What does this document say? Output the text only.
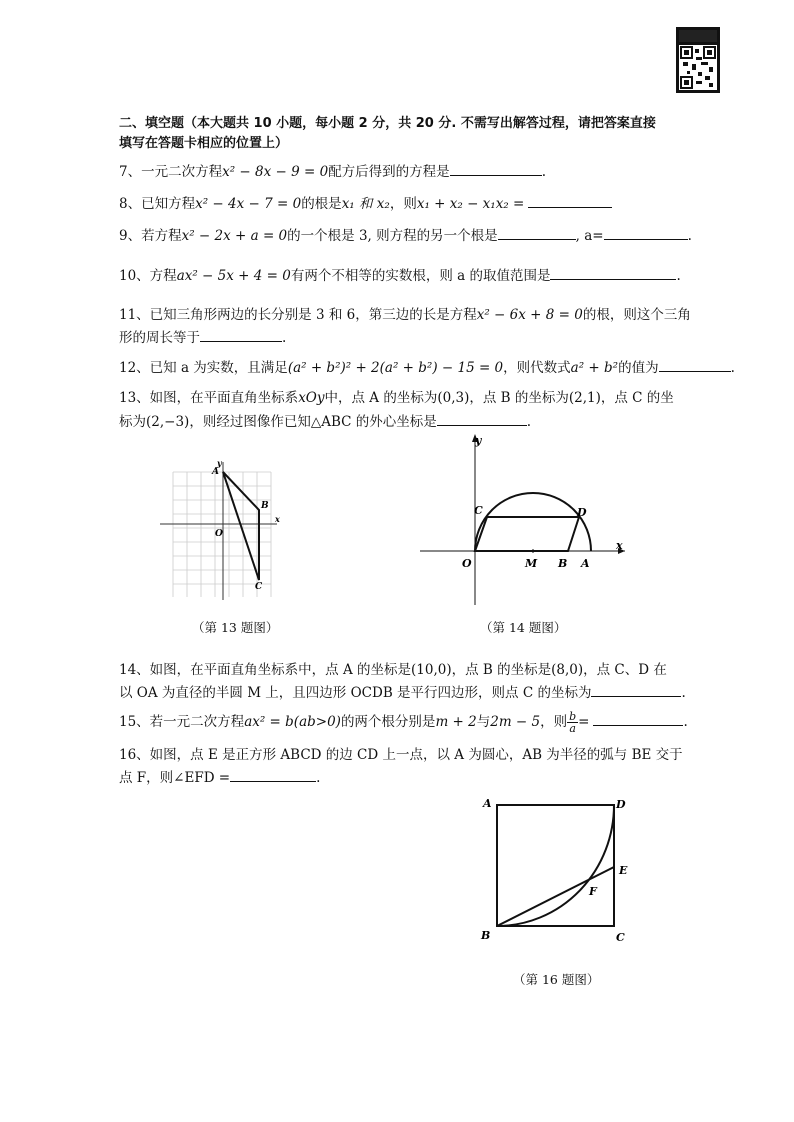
二、填空题（本大题共 10 小题，每小题 2 分，共 20 分. 不需写出解答过程，请把答案直接
填写在答题卡相应的位置上）
7、一元二次方程x² − 8x − 9 = 0配方后得到的方程是	.
8、已知方程x² − 4x − 7 = 0的根是x₁ 和 x₂，则x₁ + x₂ − x₁x₂ =
9、若方程x² − 2x + a = 0的一个根是 3, 则方程的另一个根是	, a=	.
10、方程ax² − 5x + 4 = 0有两个不相等的实数根，则 a 的取值范围是	.
11、已知三角形两边的长分别是 3 和 6，第三边的长是方程x² − 6x + 8 = 0的根，则这个三角
形的周长等于	.
12、已知 a 为实数，且满足(a² + b²)² + 2(a² + b²) − 15 = 0，则代数式a² + b²的值为	.
13、如图，在平面直角坐标系xOy中，点 A 的坐标为(0,3)，点 B 的坐标为(2,1)，点 C 的坐
标为(2,−3)，则经过图像作已知△ABC 的外心坐标是	.
y
x
A
B
C
O
（第 13 题图）
y
x
C	D
O	M B A
（第 14 题图）
14、如图，在平面直角坐标系中，点 A 的坐标是(10,0)，点 B 的坐标是(8,0)，点 C、D 在
以 OA 为直径的半圆 M 上，且四边形 OCDB 是平行四边形，则点 C 的坐标为	.
15、若一元二次方程ax² = b(ab>0)的两个根分别是m + 2与2m − 5，则 $\frac{b}{a}$ =	.
16、如图，点 E 是正方形 ABCD 的边 CD 上一点，以 A 为圆心，AB 为半径的弧与 BE 交于
点 F，则∠EFD =	.
A	D
E
F
B	C
（第 16 题图）
